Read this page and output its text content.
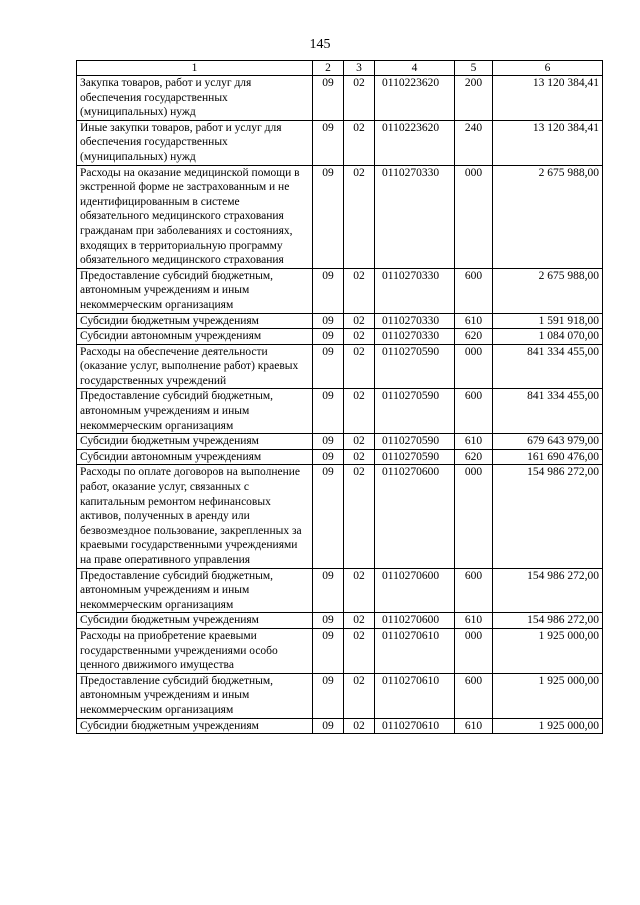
145
1	2	3	4	5	6
Закупка товаров, работ и услуг для обеспечения государственных (муниципальных) нужд	09	02	0110223620	200	13 120 384,41
Иные закупки товаров, работ и услуг для обеспечения государственных (муниципальных) нужд	09	02	0110223620	240	13 120 384,41
Расходы на оказание медицинской помощи в экстренной форме не застрахованным и не идентифицированным в системе обязательного медицинского страхования гражданам при заболеваниях и состояниях, входящих в территориальную программу обязательного медицинского страхования	09	02	0110270330	000	2 675 988,00
Предоставление субсидий бюджетным, автономным учреждениям и иным некоммерческим организациям	09	02	0110270330	600	2 675 988,00
Субсидии бюджетным учреждениям	09	02	0110270330	610	1 591 918,00
Субсидии автономным учреждениям	09	02	0110270330	620	1 084 070,00
Расходы на обеспечение деятельности (оказание услуг, выполнение работ) краевых государственных учреждений	09	02	0110270590	000	841 334 455,00
Предоставление субсидий бюджетным, автономным учреждениям и иным некоммерческим организациям	09	02	0110270590	600	841 334 455,00
Субсидии бюджетным учреждениям	09	02	0110270590	610	679 643 979,00
Субсидии автономным учреждениям	09	02	0110270590	620	161 690 476,00
Расходы по оплате договоров на выполнение работ, оказание услуг, связанных с капитальным ремонтом нефинансовых активов, полученных в аренду или безвозмездное пользование, закрепленных за краевыми государственными учреждениями на праве оперативного управления	09	02	0110270600	000	154 986 272,00
Предоставление субсидий бюджетным, автономным учреждениям и иным некоммерческим организациям	09	02	0110270600	600	154 986 272,00
Субсидии бюджетным учреждениям	09	02	0110270600	610	154 986 272,00
Расходы на приобретение краевыми государственными учреждениями особо ценного движимого имущества	09	02	0110270610	000	1 925 000,00
Предоставление субсидий бюджетным, автономным учреждениям и иным некоммерческим организациям	09	02	0110270610	600	1 925 000,00
Субсидии бюджетным учреждениям	09	02	0110270610	610	1 925 000,00
